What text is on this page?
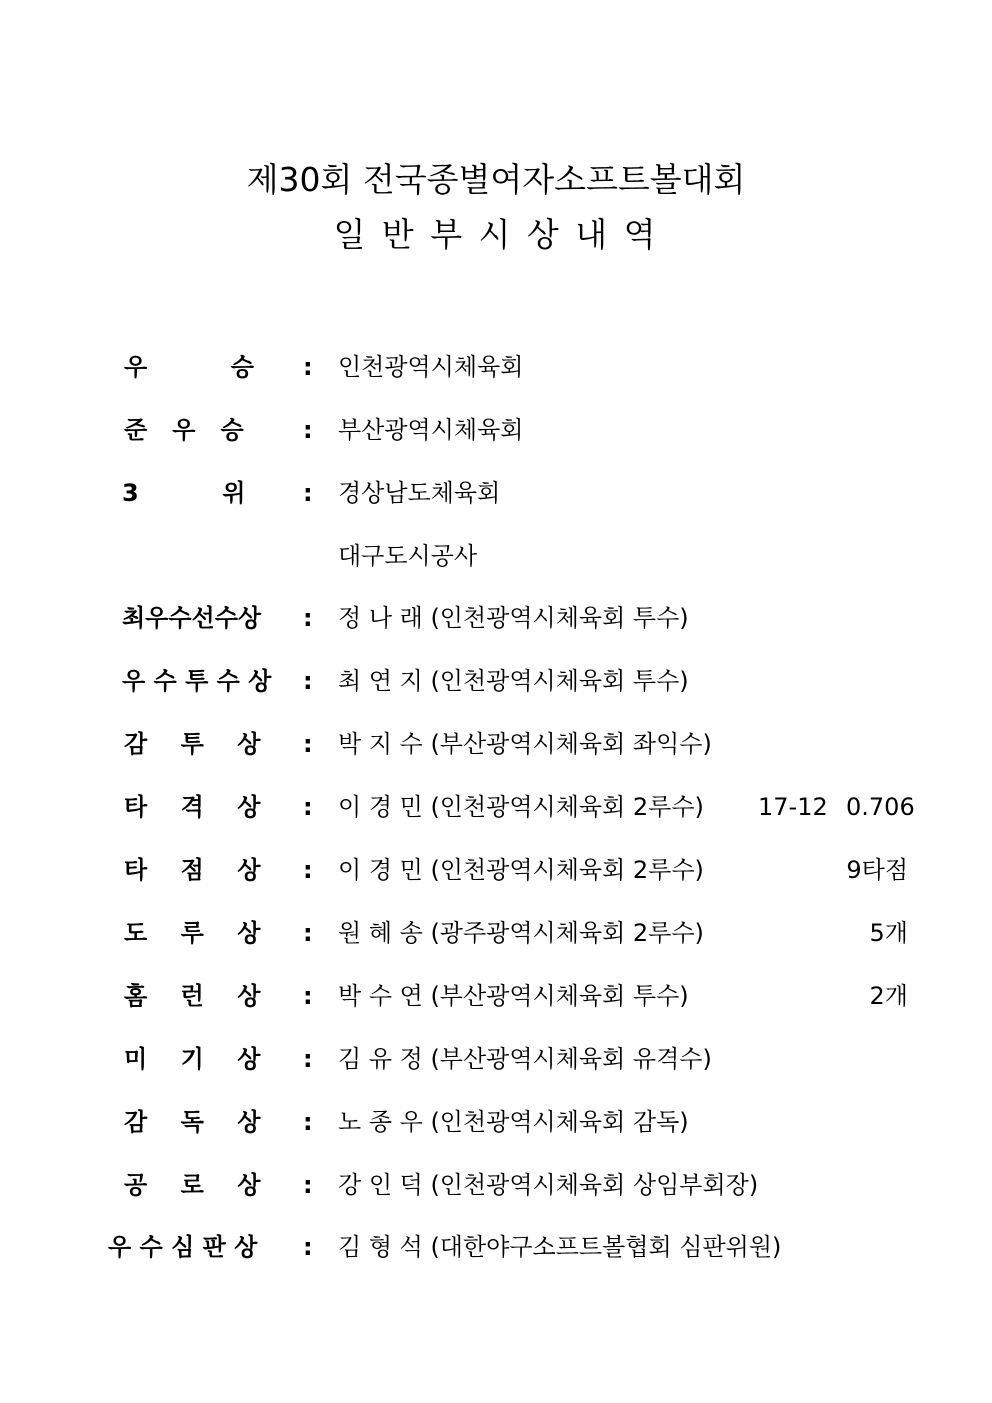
제30회 전국종별여자소프트볼대회
일 반 부 시 상 내 역
우          승 : 인천광역시체육회
준   우   승 : 부산광역시체육회
3          위 : 경상남도체육회
대구도시공사
최우수선수상 : 정 나 래 (인천광역시체육회 투수)
우 수 투 수 상 : 최 연 지 (인천광역시체육회 투수)
감    투    상 : 박 지 수 (부산광역시체육회 좌익수)
타    격    상 : 이 경 민 (인천광역시체육회 2루수) 17-12 0.706
타    점    상 : 이 경 민 (인천광역시체육회 2루수)	9타점
도    루    상 : 원 혜 송 (광주광역시체육회 2루수)	5개
홈    런    상 : 박 수 연 (부산광역시체육회 투수)	2개
미    기    상 : 김 유 정 (부산광역시체육회 유격수)
감    독    상 : 노 종 우 (인천광역시체육회 감독)
공    로    상 : 강 인 덕 (인천광역시체육회 상임부회장)
우 수 심 판 상 : 김 형 석 (대한야구소프트볼협회 심판위원)
